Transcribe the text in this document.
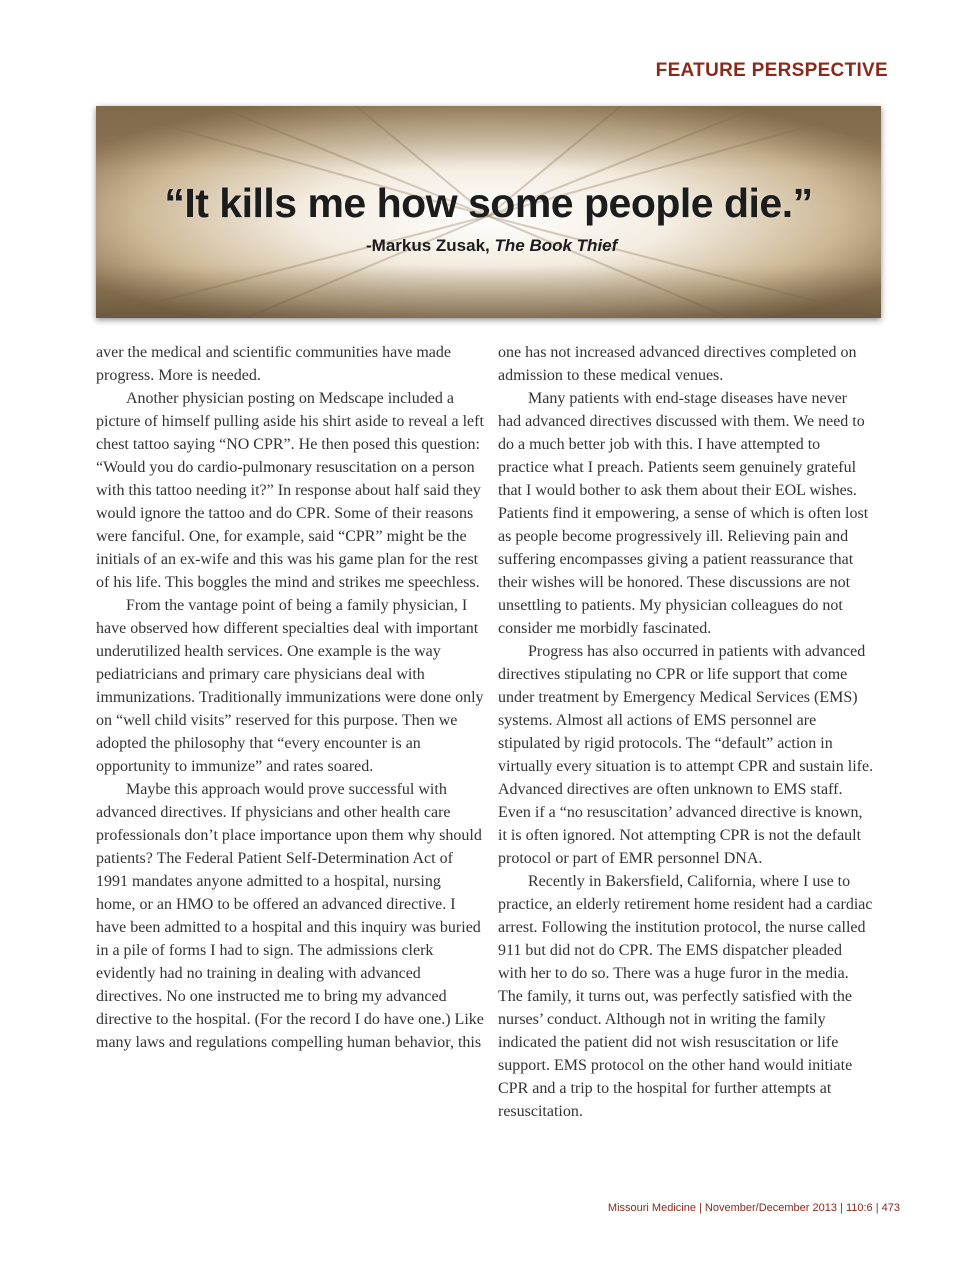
FEATURE PERSPECTIVE
“It kills me how some people die.”
-Markus Zusak, The Book Thief

aver the medical and scientific communities have made progress. More is needed.

Another physician posting on Medscape included a picture of himself pulling aside his shirt aside to reveal a left chest tattoo saying “NO CPR”. He then posed this question: “Would you do cardio-pulmonary resuscitation on a person with this tattoo needing it?” In response about half said they would ignore the tattoo and do CPR. Some of their reasons were fanciful. One, for example, said “CPR” might be the initials of an ex-wife and this was his game plan for the rest of his life. This boggles the mind and strikes me speechless.

From the vantage point of being a family physician, I have observed how different specialties deal with important underutilized health services. One example is the way pediatricians and primary care physicians deal with immunizations. Traditionally immunizations were done only on “well child visits” reserved for this purpose. Then we adopted the philosophy that “every encounter is an opportunity to immunize” and rates soared.

Maybe this approach would prove successful with advanced directives. If physicians and other health care professionals don’t place importance upon them why should patients? The Federal Patient Self-Determination Act of 1991 mandates anyone admitted to a hospital, nursing home, or an HMO to be offered an advanced directive. I have been admitted to a hospital and this inquiry was buried in a pile of forms I had to sign. The admissions clerk evidently had no training in dealing with advanced directives. No one instructed me to bring my advanced directive to the hospital. (For the record I do have one.) Like many laws and regulations compelling human behavior, this

one has not increased advanced directives completed on admission to these medical venues.

Many patients with end-stage diseases have never had advanced directives discussed with them. We need to do a much better job with this. I have attempted to practice what I preach. Patients seem genuinely grateful that I would bother to ask them about their EOL wishes. Patients find it empowering, a sense of which is often lost as people become progressively ill. Relieving pain and suffering encompasses giving a patient reassurance that their wishes will be honored. These discussions are not unsettling to patients. My physician colleagues do not consider me morbidly fascinated.

Progress has also occurred in patients with advanced directives stipulating no CPR or life support that come under treatment by Emergency Medical Services (EMS) systems. Almost all actions of EMS personnel are stipulated by rigid protocols. The “default” action in virtually every situation is to attempt CPR and sustain life. Advanced directives are often unknown to EMS staff. Even if a “no resuscitation’ advanced directive is known, it is often ignored. Not attempting CPR is not the default protocol or part of EMR personnel DNA.

Recently in Bakersfield, California, where I use to practice, an elderly retirement home resident had a cardiac arrest. Following the institution protocol, the nurse called 911 but did not do CPR. The EMS dispatcher pleaded with her to do so. There was a huge furor in the media. The family, it turns out, was perfectly satisfied with the nurses’ conduct. Although not in writing the family indicated the patient did not wish resuscitation or life support. EMS protocol on the other hand would initiate CPR and a trip to the hospital for further attempts at resuscitation.

Missouri Medicine | November/December 2013 | 110:6 | 473
